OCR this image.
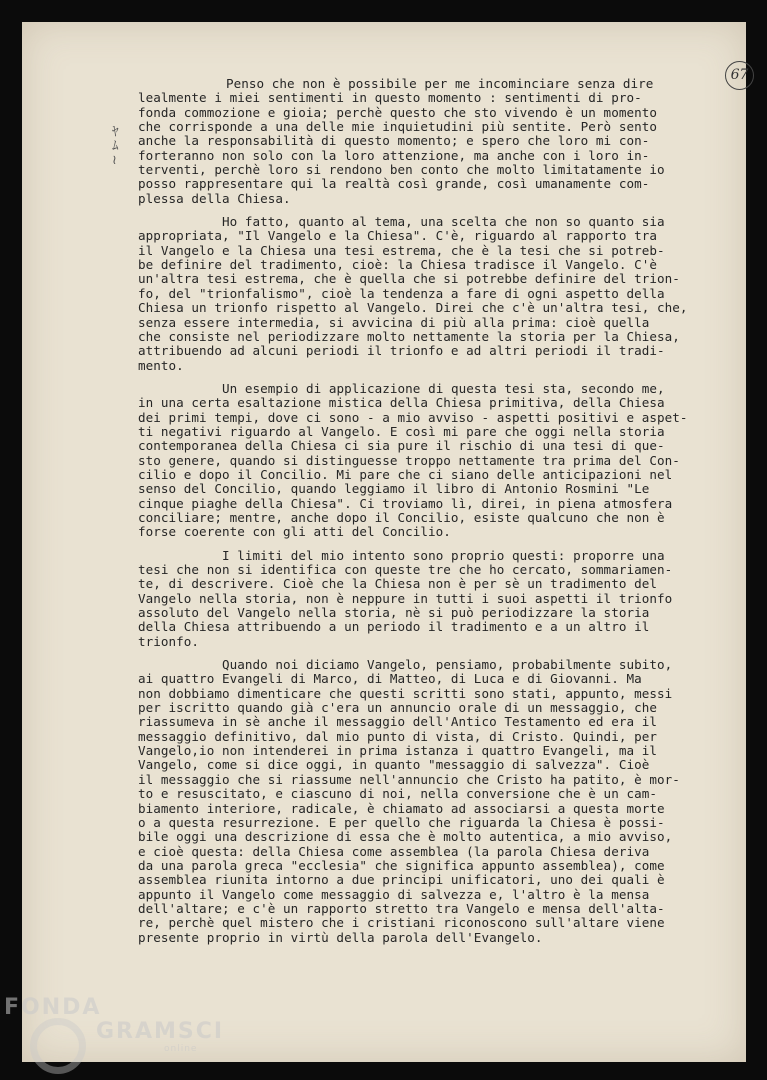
67
ﾔ
ﾑ
≀
Penso che non è possibile per me incominciare senza dire
lealmente i miei sentimenti in questo momento : sentimenti di pro-
fonda commozione e gioia; perchè questo che sto vivendo è un momento
che corrisponde a una delle mie inquietudini più sentite. Però sento
anche la responsabilità di questo momento; e spero che loro mi con-
forteranno non solo con la loro attenzione, ma anche con i loro in-
terventi, perchè loro si rendono ben conto che molto limitatamente io
posso rappresentare qui la realtà così grande, così umanamente com-
plessa della Chiesa.
Ho fatto, quanto al tema, una scelta che non so quanto sia
appropriata, "Il Vangelo e la Chiesa". C'è, riguardo al rapporto tra
il Vangelo e la Chiesa una tesi estrema, che è la tesi che si potreb-
be definire del tradimento, cioè: la Chiesa tradisce il Vangelo. C'è
un'altra tesi estrema, che è quella che si potrebbe definire del trion-
fo, del "trionfalismo", cioè la tendenza a fare di ogni aspetto della
Chiesa un trionfo rispetto al Vangelo. Direi che c'è un'altra tesi, che,
senza essere intermedia, si avvicina di più alla prima: cioè quella
che consiste nel periodizzare molto nettamente la storia per la Chiesa,
attribuendo ad alcuni periodi il trionfo e ad altri periodi il tradi-
mento.
Un esempio di applicazione di questa tesi sta, secondo me,
in una certa esaltazione mistica della Chiesa primitiva, della Chiesa
dei primi tempi, dove ci sono - a mio avviso - aspetti positivi e aspet-
ti negativi riguardo al Vangelo. E così mi pare che oggi nella storia
contemporanea della Chiesa ci sia pure il rischio di una tesi di que-
sto genere, quando si distinguesse troppo nettamente tra prima del Con-
cilio e dopo il Concilio. Mi pare che ci siano delle anticipazioni nel
senso del Concilio, quando leggiamo il libro di Antonio Rosmini "Le
cinque piaghe della Chiesa". Ci troviamo lì, direi, in piena atmosfera
conciliare; mentre, anche dopo il Concilio, esiste qualcuno che non è
forse coerente con gli atti del Concilio.
I limiti del mio intento sono proprio questi: proporre una
tesi che non si identifica con queste tre che ho cercato, sommariamen-
te, di descrivere. Cioè che la Chiesa non è per sè un tradimento del
Vangelo nella storia, non è neppure in tutti i suoi aspetti il trionfo
assoluto del Vangelo nella storia, nè si può periodizzare la storia
della Chiesa attribuendo a un periodo il tradimento e a un altro il
trionfo.
Quando noi diciamo Vangelo, pensiamo, probabilmente subito,
ai quattro Evangeli di Marco, di Matteo, di Luca e di Giovanni. Ma
non dobbiamo dimenticare che questi scritti sono stati, appunto, messi
per iscritto quando già c'era un annuncio orale di un messaggio, che
riassumeva in sè anche il messaggio dell'Antico Testamento ed era il
messaggio definitivo, dal mio punto di vista, di Cristo. Quindi, per
Vangelo,io non intenderei in prima istanza i quattro Evangeli, ma il
Vangelo, come si dice oggi, in quanto "messaggio di salvezza". Cioè
il messaggio che si riassume nell'annuncio che Cristo ha patito, è mor-
to e resuscitato, e ciascuno di noi, nella conversione che è un cam-
biamento interiore, radicale, è chiamato ad associarsi a questa morte
o a questa resurrezione. E per quello che riguarda la Chiesa è possi-
bile oggi una descrizione di essa che è molto autentica, a mio avviso,
e cioè questa: della Chiesa come assemblea (la parola Chiesa deriva
da una parola greca "ecclesia" che significa appunto assemblea), come
assemblea riunita intorno a due principi unificatori, uno dei quali è
appunto il Vangelo come messaggio di salvezza e, l'altro è la mensa
dell'altare; e c'è un rapporto stretto tra Vangelo e mensa dell'alta-
re, perchè quel mistero che i cristiani riconoscono sull'altare viene
presente proprio in virtù della parola dell'Evangelo.
FONDA
GRAMSCI
online
